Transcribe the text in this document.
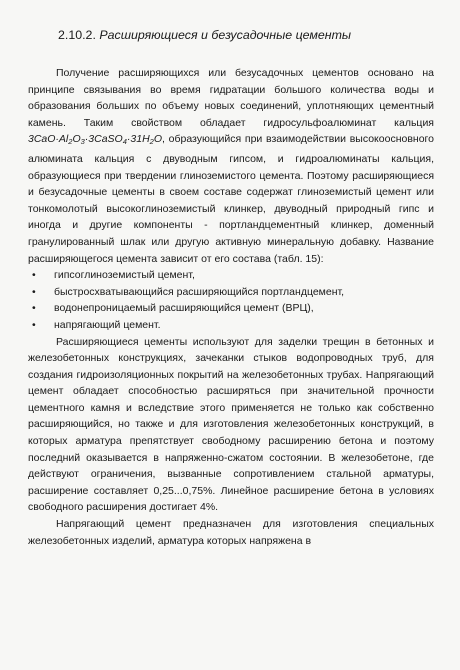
2.10.2. Расширяющиеся и безусадочные цементы

Получение расширяющихся или безусадочных цементов основано на принципе связывания во время гидратации большого количества воды и образования больших по объему новых соединений, уплотняющих цементный камень. Таким свойством обладает гидросульфоалюминат кальция $3CaO\cdot Al_2O_3\cdot 3CaSO_4\cdot 31H_2O$, образующийся при взаимодействии высокоосновного алюмината кальция с двуводным гипсом, и гидроалюминаты кальция, образующиеся при твердении глиноземистого цемента. Поэтому расширяющиеся и безусадочные цементы в своем составе содержат глиноземистый цемент или тонкомолотый высокоглиноземистый клинкер, двуводный природный гипс и иногда и другие компоненты - портландцементный клинкер, доменный гранулированный шлак или другую активную минеральную добавку. Название расширяющегося цемента зависит от его состава (табл. 15):

• гипсоглиноземистый цемент,
• быстросхватывающийся расширяющийся портландцемент,
• водонепроницаемый расширяющийся цемент (ВРЦ),
• напрягающий цемент.

Расширяющиеся цементы используют для заделки трещин в бетонных и железобетонных конструкциях, зачеканки стыков водопроводных труб, для создания гидроизоляционных покрытий на железобетонных трубах. Напрягающий цемент обладает способностью расширяться при значительной прочности цементного камня и вследствие этого применяется не только как собственно расширяющийся, но также и для изготовления железобетонных конструкций, в которых арматура препятствует свободному расширению бетона и поэтому последний оказывается в напряженно-сжатом состоянии. В железобетоне, где действуют ограничения, вызванные сопротивлением стальной арматуры, расширение составляет 0,25...0,75%. Линейное расширение бетона в условиях свободного расширения достигает 4%.

Напрягающий цемент предназначен для изготовления специальных железобетонных изделий, арматура которых напряжена в
